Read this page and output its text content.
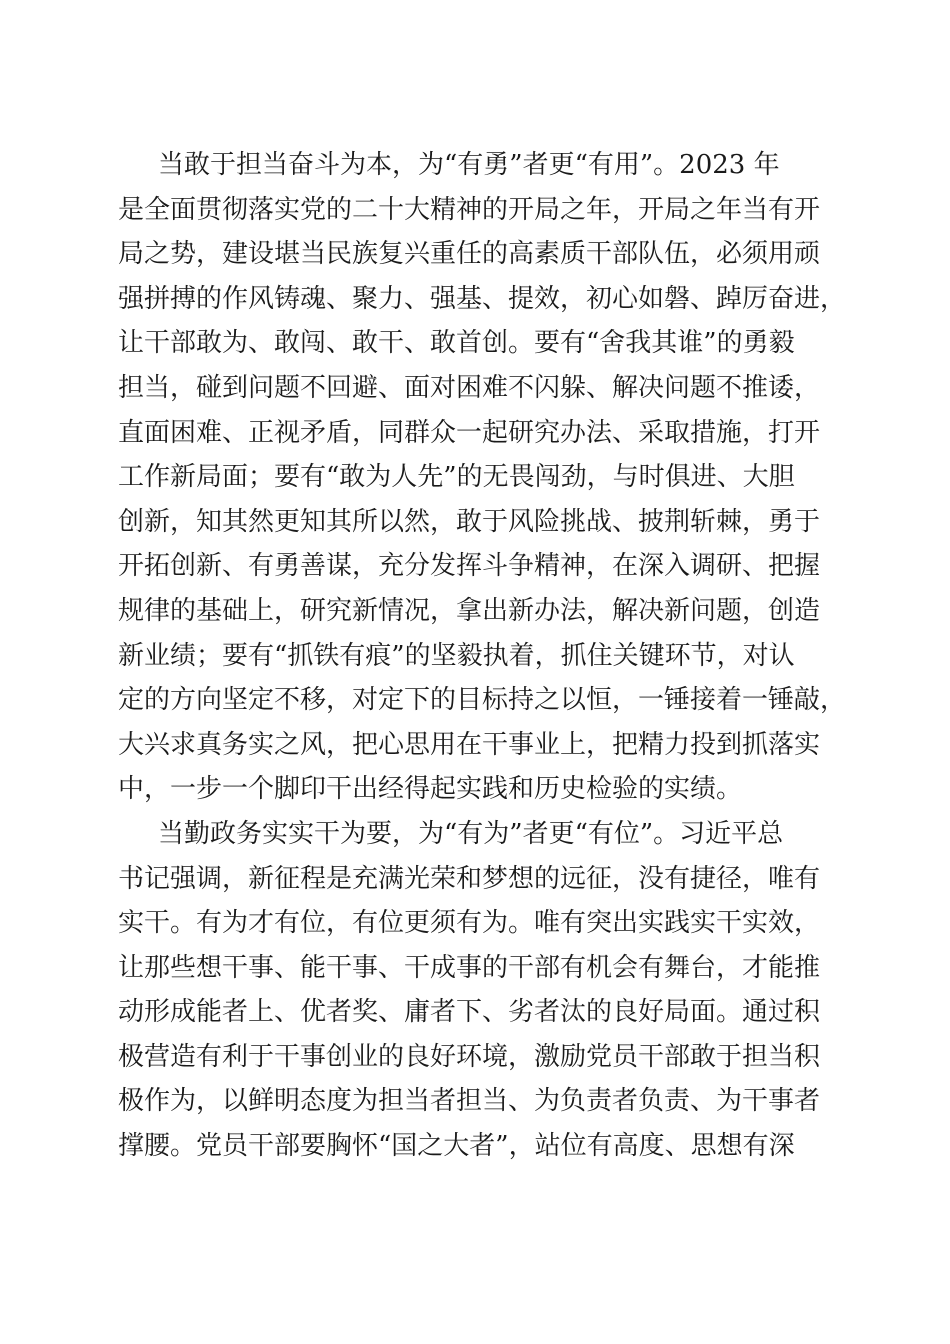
当敢于担当奋斗为本，为“有勇”者更“有用”。2023 年
是全面贯彻落实党的二十大精神的开局之年，开局之年当有开
局之势，建设堪当民族复兴重任的高素质干部队伍，必须用顽
强拼搏的作风铸魂、聚力、强基、提效，初心如磐、踔厉奋进，
让干部敢为、敢闯、敢干、敢首创。要有“舍我其谁”的勇毅
担当，碰到问题不回避、面对困难不闪躲、解决问题不推诿，
直面困难、正视矛盾，同群众一起研究办法、采取措施，打开
工作新局面；要有“敢为人先”的无畏闯劲，与时俱进、大胆
创新，知其然更知其所以然，敢于风险挑战、披荆斩棘，勇于
开拓创新、有勇善谋，充分发挥斗争精神，在深入调研、把握
规律的基础上，研究新情况，拿出新办法，解决新问题，创造
新业绩；要有“抓铁有痕”的坚毅执着，抓住关键环节，对认
定的方向坚定不移，对定下的目标持之以恒，一锤接着一锤敲，
大兴求真务实之风，把心思用在干事业上，把精力投到抓落实
中，一步一个脚印干出经得起实践和历史检验的实绩。
当勤政务实实干为要，为“有为”者更“有位”。习近平总
书记强调，新征程是充满光荣和梦想的远征，没有捷径，唯有
实干。有为才有位，有位更须有为。唯有突出实践实干实效，
让那些想干事、能干事、干成事的干部有机会有舞台，才能推
动形成能者上、优者奖、庸者下、劣者汰的良好局面。通过积
极营造有利于干事创业的良好环境，激励党员干部敢于担当积
极作为，以鲜明态度为担当者担当、为负责者负责、为干事者
撑腰。党员干部要胸怀“国之大者”，站位有高度、思想有深
